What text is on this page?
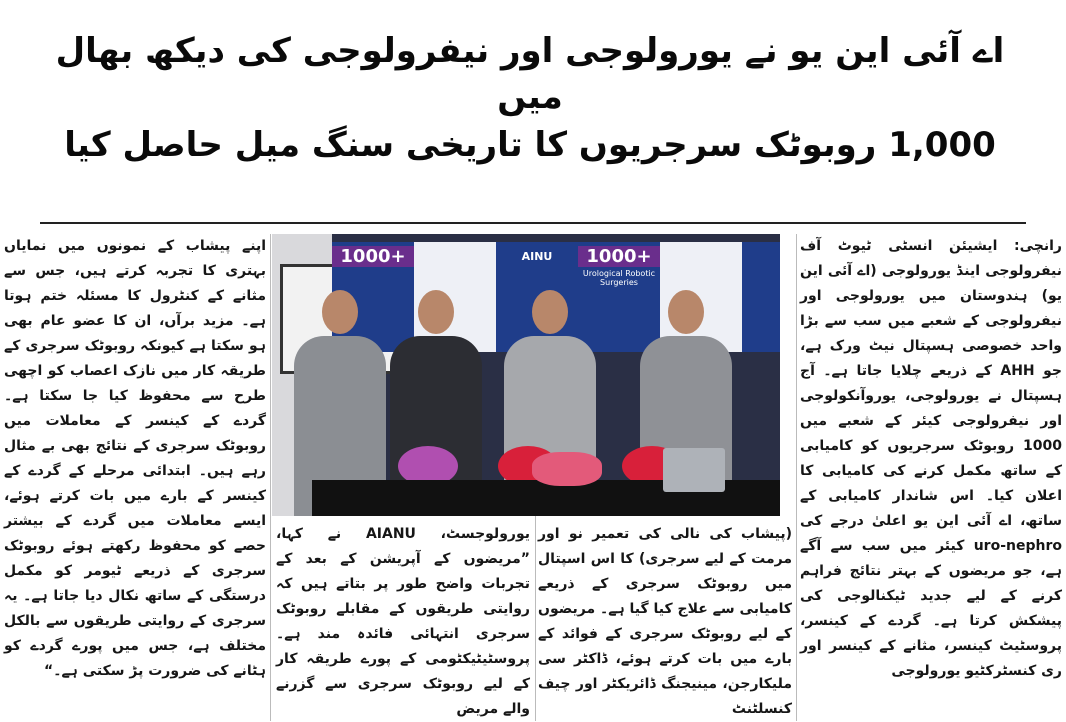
اے آئی این یو نے یورولوجی اور نیفرولوجی کی دیکھ بھال میں
1,000 روبوٹک سرجریوں کا تاریخی سنگ میل حاصل کیا

رانچی: ایشیئن انسٹی ٹیوٹ آف نیفرولوجی اینڈ یورولوجی (اے آئی این یو) ہندوستان میں یورولوجی اور نیفرولوجی کے شعبے میں سب سے بڑا واحد خصوصی ہسپتال نیٹ ورک ہے، جو AHH کے ذریعے چلایا جاتا ہے۔ آج ہسپتال نے یورولوجی، یوروآنکولوجی اور نیفرولوجی کیئر کے شعبے میں 1000 روبوٹک سرجریوں کو کامیابی کے ساتھ مکمل کرنے کی کامیابی کا اعلان کیا۔ اس شاندار کامیابی کے ساتھ، اے آئی این یو اعلیٰ درجے کی uro-nephro کیئر میں سب سے آگے ہے، جو مریضوں کے بہتر نتائج فراہم کرنے کے لیے جدید ٹیکنالوجی کی پیشکش کرتا ہے۔ گردے کے کینسر، پروسٹیٹ کینسر، مثانے کے کینسر اور ری کنسٹرکٹیو یورولوجی

(پیشاب کی نالی کی تعمیر نو اور مرمت کے لیے سرجری) کا اس اسپتال میں روبوٹک سرجری کے ذریعے کامیابی سے علاج کیا گیا ہے۔ مریضوں کے لیے روبوٹک سرجری کے فوائد کے بارے میں بات کرتے ہوئے، ڈاکٹر سی ملیکارجن، مینیجنگ ڈائریکٹر اور چیف کنسلٹنٹ

یورولوجسٹ، AIANU نے کہا، ”مریضوں کے آپریشن کے بعد کے تجربات واضح طور پر بتاتے ہیں کہ روایتی طریقوں کے مقابلے روبوٹک سرجری انتہائی فائدہ مند ہے۔ پروسٹیٹیکٹومی کے پورے طریقہ کار کے لیے روبوٹک سرجری سے گزرنے والے مریض

اپنے پیشاب کے نمونوں میں نمایاں بہتری کا تجربہ کرتے ہیں، جس سے مثانے کے کنٹرول کا مسئلہ ختم ہوتا ہے۔ مزید برآں، ان کا عضو عام بھی ہو سکتا ہے کیونکہ روبوٹک سرجری کے طریقہ کار میں نازک اعصاب کو اچھی طرح سے محفوظ کیا جا سکتا ہے۔ گردے کے کینسر کے معاملات میں روبوٹک سرجری کے نتائج بھی بے مثال رہے ہیں۔ ابتدائی مرحلے کے گردے کے کینسر کے بارے میں بات کرتے ہوئے، ایسے معاملات میں گردے کے بیشتر حصے کو محفوظ رکھتے ہوئے روبوٹک سرجری کے ذریعے ٹیومر کو مکمل درستگی کے ساتھ نکال دیا جاتا ہے۔ یہ سرجری کے روایتی طریقوں سے بالکل مختلف ہے، جس میں پورے گردے کو ہٹانے کی ضرورت پڑ سکتی ہے۔“

1000+	AINU	1000+
Urological Robotic Surgeries
